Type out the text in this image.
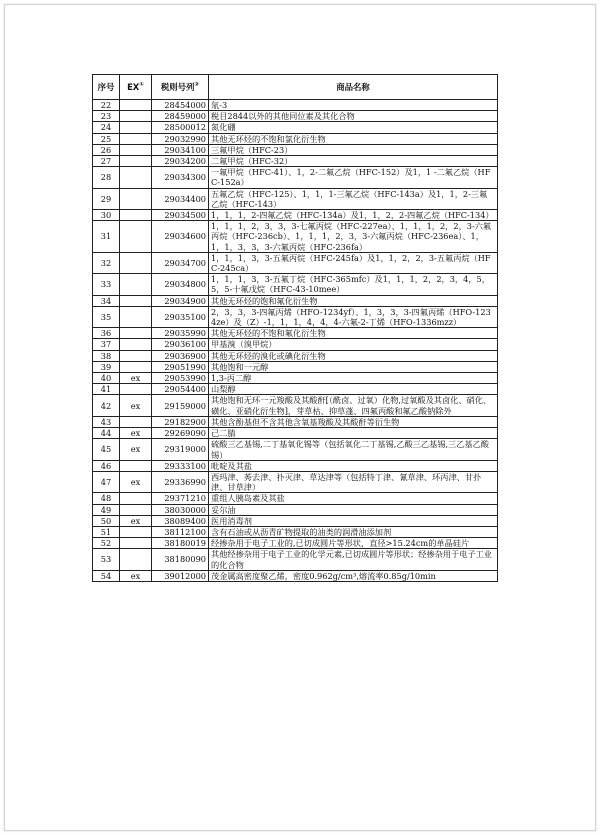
序号	EX①	税则号列②	商品名称
22		28454000	氚-3
23		28459000	税目2844以外的其他同位素及其化合物
24		28500012	氮化硼
25		29032990	其他无环烃的不饱和氯化衍生物
26		29034100	三氟甲烷（HFC-23）
27		29034200	二氟甲烷（HFC-32）
28		29034300	一氟甲烷（HFC-41）、1，2-二氟乙烷（HFC-152）及1，1 -二氟乙烷（HFC-152a）
29		29034400	五氟乙烷（HFC-125）、1，1，1-三氟乙烷（HFC-143a）及1，1，2-三氟乙烷（HFC-143）
30		29034500	1，1，1，2-四氟乙烷（HFC-134a）及1，1，2，2-四氟乙烷（HFC-134）
31		29034600	1，1，1，2，3，3，3-七氟丙烷（HFC-227ea）、1，1，1，2，2，3-六氟丙烷（HFC-236cb）、1，1，1，2，3，3-六氟丙烷（HFC-236ea）、1，1，1，3，3，3-六氟丙烷（HFC-236fa）
32		29034700	1，1，1，3，3-五氟丙烷（HFC-245fa）及1，1，2，2，3-五氟丙烷（HFC-245ca）
33		29034800	1，1，1，3，3-五氟丁烷（HFC-365mfc）及1，1，1，2，2，3，4，5，5，5-十氟戊烷（HFC-43-10mee）
34		29034900	其他无环烃的饱和氟化衍生物
35		29035100	2，3，3，3-四氟丙烯（HFO-1234yf）、1，3，3，3-四氟丙烯（HFO-1234ze）及（Z）-1，1，1，4，4，4-六氟-2-丁烯（HFO-1336mzz）
36		29035990	其他无环烃的不饱和氟化衍生物
37		29036100	甲基溴（溴甲烷）
38		29036900	其他无环烃的溴化或碘化衍生物
39		29051990	其他饱和一元醇
40	ex	29053990	1,3-丙二醇
41		29054400	山梨醇
42	ex	29159000	其他饱和无环一元羧酸及其酸酐[（酰卤、过氧）化物,过氧酸及其卤化、硝化、磺化、亚硝化衍生物]，芽草枯、抑草蓬、四氟丙酸和氟乙酸钠除外
43		29182900	其他含酚基但不含其他含氧基羧酸及其酸酐等衍生物
44	ex	29269090	己二腈
45	ex	29319000	硫酸三乙基锡,二丁基氧化锡等（包括氧化二丁基锡,乙酸三乙基锡,三乙基乙酸锡）
46		29333100	吡啶及其盐
47	ex	29336990	西玛津、莠去津、扑灭津、草达津等（包括特丁津、氰草津、环丙津、甘扑津、甘草津）
48		29371210	重组人胰岛素及其盐
49		38030000	妥尔油
50	ex	38089400	医用消毒剂
51		38112100	含有石油或从沥青矿物提取的油类的润滑油添加剂
52		38180019	经掺杂用于电子工业的,已切成圆片等形状，直径>15.24cm的单晶硅片
53		38180090	其他经掺杂用于电子工业的化学元素,已切成圆片等形状；经掺杂用于电子工业的化合物
54	ex	39012000	茂金属高密度聚乙烯，密度0.962g/cm³,熔流率0.85g/10min
